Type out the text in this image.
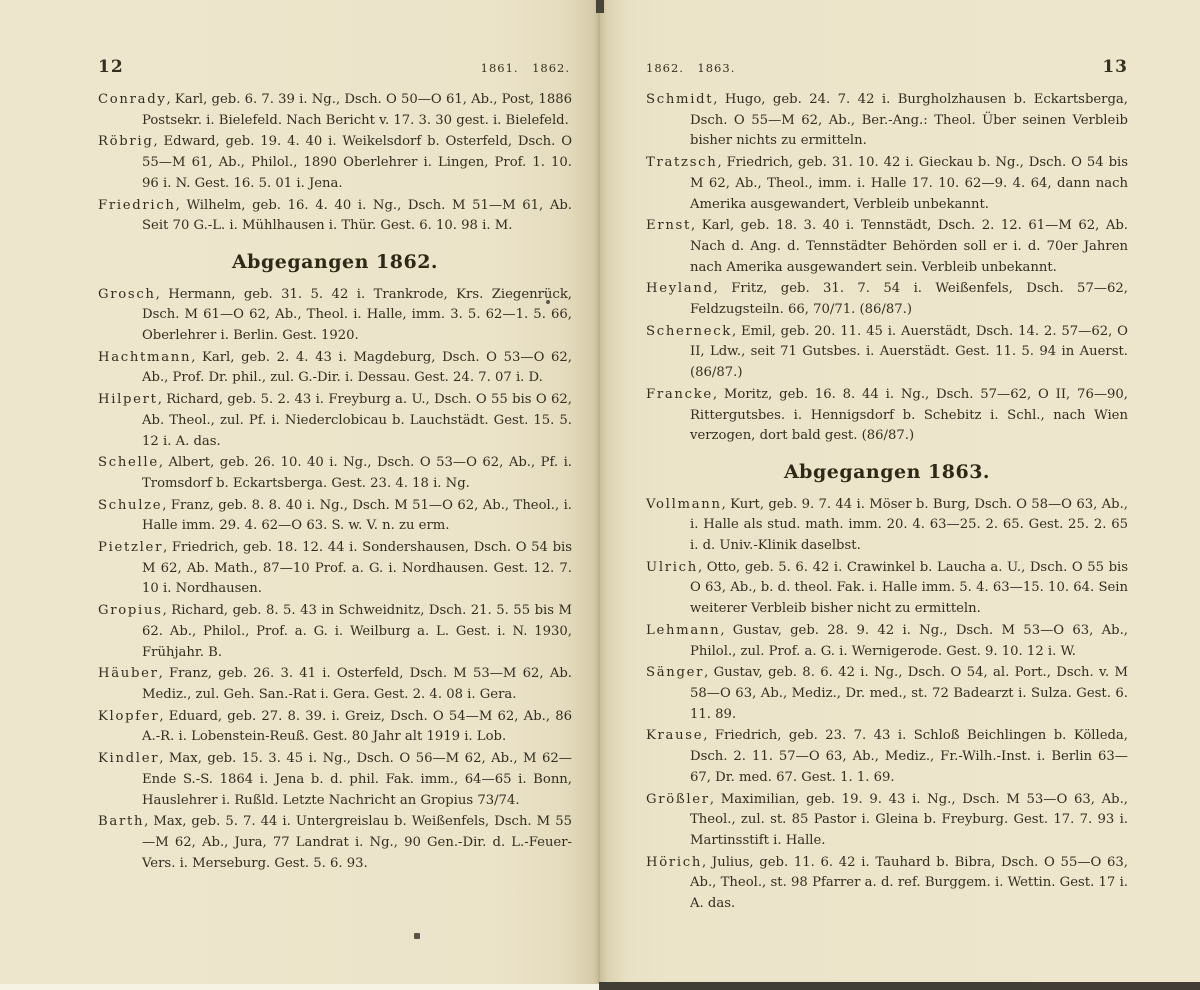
12	1861.  1862.	1862.  1863.	13

Conrady, Karl, geb. 6. 7. 39 i. Ng., Dsch. O 50—O 61, Ab., Post, 1886 Postsekr. i. Bielefeld. Nach Bericht v. 17. 3. 30 gest. i. Bielefeld.

Röbrig, Edward, geb. 19. 4. 40 i. Weikelsdorf b. Osterfeld, Dsch. O 55—M 61, Ab., Philol., 1890 Oberlehrer i. Lingen, Prof. 1. 10. 96 i. N. Gest. 16. 5. 01 i. Jena.

Friedrich, Wilhelm, geb. 16. 4. 40 i. Ng., Dsch. M 51—M 61, Ab. Seit 70 G.-L. i. Mühlhausen i. Thür. Gest. 6. 10. 98 i. M.

Abgegangen 1862.

Grosch, Hermann, geb. 31. 5. 42 i. Trankrode, Krs. Ziegenrück, Dsch. M 61—O 62, Ab., Theol. i. Halle, imm. 3. 5. 62—1. 5. 66, Oberlehrer i. Berlin. Gest. 1920.

Hachtmann, Karl, geb. 2. 4. 43 i. Magdeburg, Dsch. O 53—O 62, Ab., Prof. Dr. phil., zul. G.-Dir. i. Dessau. Gest. 24. 7. 07 i. D.

Hilpert, Richard, geb. 5. 2. 43 i. Freyburg a. U., Dsch. O 55 bis O 62, Ab. Theol., zul. Pf. i. Niederclobicau b. Lauchstädt. Gest. 15. 5. 12 i. A. das.

Schelle, Albert, geb. 26. 10. 40 i. Ng., Dsch. O 53—O 62, Ab., Pf. i. Tromsdorf b. Eckartsberga. Gest. 23. 4. 18 i. Ng.

Schulze, Franz, geb. 8. 8. 40 i. Ng., Dsch. M 51—O 62, Ab., Theol., i. Halle imm. 29. 4. 62—O 63. S. w. V. n. zu erm.

Pietzler, Friedrich, geb. 18. 12. 44 i. Sondershausen, Dsch. O 54 bis M 62, Ab. Math., 87—10 Prof. a. G. i. Nordhausen. Gest. 12. 7. 10 i. Nordhausen.

Gropius, Richard, geb. 8. 5. 43 in Schweidnitz, Dsch. 21. 5. 55 bis M 62. Ab., Philol., Prof. a. G. i. Weilburg a. L. Gest. i. N. 1930, Frühjahr. B.

Häuber, Franz, geb. 26. 3. 41 i. Osterfeld, Dsch. M 53—M 62, Ab. Mediz., zul. Geh. San.-Rat i. Gera. Gest. 2. 4. 08 i. Gera.

Klopfer, Eduard, geb. 27. 8. 39. i. Greiz, Dsch. O 54—M 62, Ab., 86 A.-R. i. Lobenstein-Reuß. Gest. 80 Jahr alt 1919 i. Lob.

Kindler, Max, geb. 15. 3. 45 i. Ng., Dsch. O 56—M 62, Ab., M 62—Ende S.-S. 1864 i. Jena b. d. phil. Fak. imm., 64—65 i. Bonn, Hauslehrer i. Rußld. Letzte Nachricht an Gropius 73/74.

Barth, Max, geb. 5. 7. 44 i. Untergreislau b. Weißenfels, Dsch. M 55—M 62, Ab., Jura, 77 Landrat i. Ng., 90 Gen.-Dir. d. L.-Feuer-Vers. i. Merseburg. Gest. 5. 6. 93.

Schmidt, Hugo, geb. 24. 7. 42 i. Burgholzhausen b. Eckartsberga, Dsch. O 55—M 62, Ab., Ber.-Ang.: Theol. Über seinen Verbleib bisher nichts zu ermitteln.

Tratzsch, Friedrich, geb. 31. 10. 42 i. Gieckau b. Ng., Dsch. O 54 bis M 62, Ab., Theol., imm. i. Halle 17. 10. 62—9. 4. 64, dann nach Amerika ausgewandert, Verbleib unbekannt.

Ernst, Karl, geb. 18. 3. 40 i. Tennstädt, Dsch. 2. 12. 61—M 62, Ab. Nach d. Ang. d. Tennstädter Behörden soll er i. d. 70er Jahren nach Amerika ausgewandert sein. Verbleib unbekannt.

Heyland, Fritz, geb. 31. 7. 54 i. Weißenfels, Dsch. 57—62, Feldzugsteiln. 66, 70/71. (86/87.)

Scherneck, Emil, geb. 20. 11. 45 i. Auerstädt, Dsch. 14. 2. 57—62, O II, Ldw., seit 71 Gutsbes. i. Auerstädt. Gest. 11. 5. 94 in Auerst. (86/87.)

Francke, Moritz, geb. 16. 8. 44 i. Ng., Dsch. 57—62, O II, 76—90, Rittergutsbes. i. Hennigsdorf b. Schebitz i. Schl., nach Wien verzogen, dort bald gest. (86/87.)

Abgegangen 1863.

Vollmann, Kurt, geb. 9. 7. 44 i. Möser b. Burg, Dsch. O 58—O 63, Ab., i. Halle als stud. math. imm. 20. 4. 63—25. 2. 65. Gest. 25. 2. 65 i. d. Univ.-Klinik daselbst.

Ulrich, Otto, geb. 5. 6. 42 i. Crawinkel b. Laucha a. U., Dsch. O 55 bis O 63, Ab., b. d. theol. Fak. i. Halle imm. 5. 4. 63—15. 10. 64. Sein weiterer Verbleib bisher nicht zu ermitteln.

Lehmann, Gustav, geb. 28. 9. 42 i. Ng., Dsch. M 53—O 63, Ab., Philol., zul. Prof. a. G. i. Wernigerode. Gest. 9. 10. 12 i. W.

Sänger, Gustav, geb. 8. 6. 42 i. Ng., Dsch. O 54, al. Port., Dsch. v. M 58—O 63, Ab., Mediz., Dr. med., st. 72 Badearzt i. Sulza. Gest. 6. 11. 89.

Krause, Friedrich, geb. 23. 7. 43 i. Schloß Beichlingen b. Kölleda, Dsch. 2. 11. 57—O 63, Ab., Mediz., Fr.-Wilh.-Inst. i. Berlin 63—67, Dr. med. 67. Gest. 1. 1. 69.

Größler, Maximilian, geb. 19. 9. 43 i. Ng., Dsch. M 53—O 63, Ab., Theol., zul. st. 85 Pastor i. Gleina b. Freyburg. Gest. 17. 7. 93 i. Martinsstift i. Halle.

Hörich, Julius, geb. 11. 6. 42 i. Tauhard b. Bibra, Dsch. O 55—O 63, Ab., Theol., st. 98 Pfarrer a. d. ref. Burggem. i. Wettin. Gest. 17 i. A. das.
